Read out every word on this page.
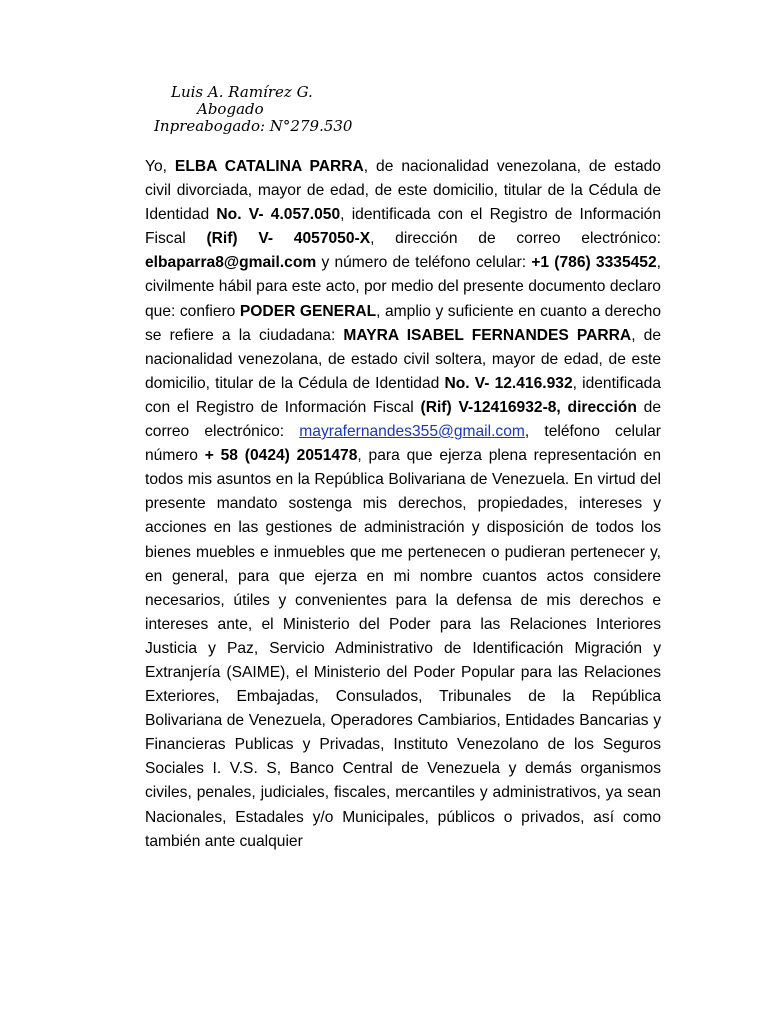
Luis A. Ramírez G.
Abogado
Inpreabogado: N°279.530
Yo, ELBA CATALINA PARRA, de nacionalidad venezolana, de estado civil divorciada, mayor de edad, de este domicilio, titular de la Cédula de Identidad No. V- 4.057.050, identificada con el Registro de Información Fiscal (Rif) V- 4057050-X, dirección de correo electrónico: elbaparra8@gmail.com y número de teléfono celular: +1 (786) 3335452, civilmente hábil para este acto, por medio del presente documento declaro que: confiero PODER GENERAL, amplio y suficiente en cuanto a derecho se refiere a la ciudadana: MAYRA ISABEL FERNANDES PARRA, de nacionalidad venezolana, de estado civil soltera, mayor de edad, de este domicilio, titular de la Cédula de Identidad No. V- 12.416.932, identificada con el Registro de Información Fiscal (Rif) V-12416932-8, dirección de correo electrónico: mayrafernandes355@gmail.com, teléfono celular número + 58 (0424) 2051478, para que ejerza plena representación en todos mis asuntos en la República Bolivariana de Venezuela. En virtud del presente mandato sostenga mis derechos, propiedades, intereses y acciones en las gestiones de administración y disposición de todos los bienes muebles e inmuebles que me pertenecen o pudieran pertenecer y, en general, para que ejerza en mi nombre cuantos actos considere necesarios, útiles y convenientes para la defensa de mis derechos e intereses ante, el Ministerio del Poder para las Relaciones Interiores Justicia y Paz, Servicio Administrativo de Identificación Migración y Extranjería (SAIME), el Ministerio del Poder Popular para las Relaciones Exteriores, Embajadas, Consulados, Tribunales de la República Bolivariana de Venezuela, Operadores Cambiarios, Entidades Bancarias y Financieras Publicas y Privadas, Instituto Venezolano de los Seguros Sociales I. V.S. S, Banco Central de Venezuela y demás organismos civiles, penales, judiciales, fiscales, mercantiles y administrativos, ya sean Nacionales, Estadales y/o Municipales, públicos o privados, así como también ante cualquier
